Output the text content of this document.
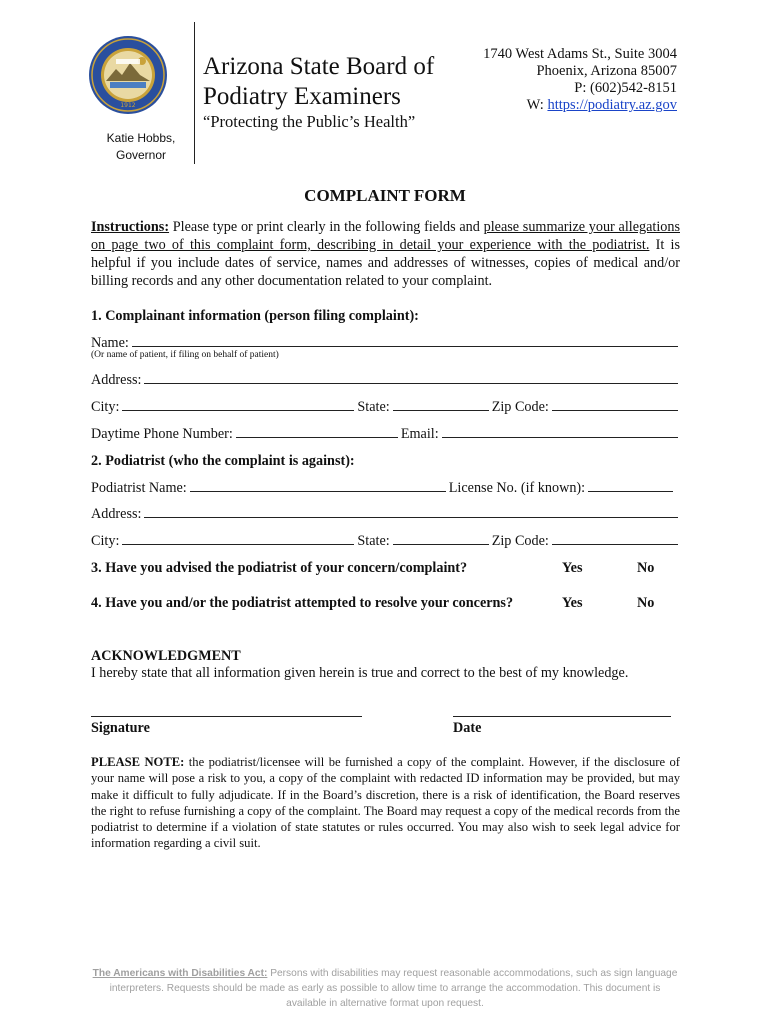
1912
Katie Hobbs,
Governor
Arizona State Board of
Podiatry Examiners
“Protecting the Public’s Health”
1740 West Adams St., Suite 3004
Phoenix, Arizona 85007
P: (602)542-8151
W: https://podiatry.az.gov
COMPLAINT FORM
Instructions: Please type or print clearly in the following fields and please summarize your allegations on page two of this complaint form, describing in detail your experience with the podiatrist. It is helpful if you include dates of service, names and addresses of witnesses, copies of medical and/or billing records and any other documentation related to your complaint.
1. Complainant information (person filing complaint):
Name:
(Or name of patient, if filing on behalf of patient)
Address:
City:	State:	Zip Code:
Daytime Phone Number:	Email:
2. Podiatrist (who the complaint is against):
Podiatrist Name:	License No. (if known):
Address:
City:	State:	Zip Code:
3. Have you advised the podiatrist of your concern/complaint?	Yes	No
4. Have you and/or the podiatrist attempted to resolve your concerns?	Yes	No
ACKNOWLEDGMENT
I hereby state that all information given herein is true and correct to the best of my knowledge.
Signature	Date
PLEASE NOTE: the podiatrist/licensee will be furnished a copy of the complaint. However, if the disclosure of your name will pose a risk to you, a copy of the complaint with redacted ID information may be provided, but may make it difficult to fully adjudicate. If in the Board’s discretion, there is a risk of identification, the Board reserves the right to refuse furnishing a copy of the complaint. The Board may request a copy of the medical records from the podiatrist to determine if a violation of state statutes or rules occurred. You may also wish to seek legal advice for information regarding a civil suit.
The Americans with Disabilities Act: Persons with disabilities may request reasonable accommodations, such as sign language interpreters. Requests should be made as early as possible to allow time to arrange the accommodation. This document is available in alternative format upon request.
